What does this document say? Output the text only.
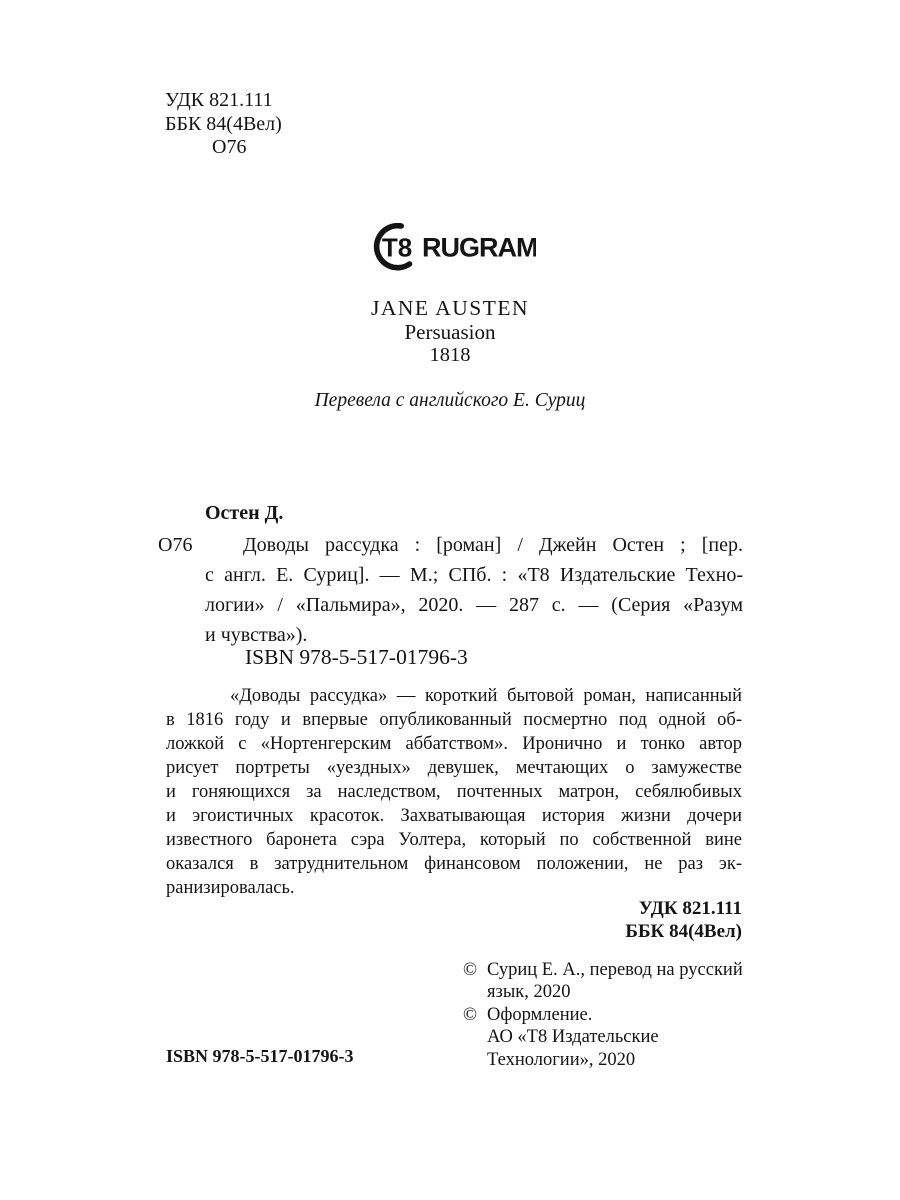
УДК 821.111
ББК 84(4Вел)
О76
T8 RUGRAM
JANE AUSTEN
Persuasion
1818
Перевела с английского Е. Суриц
Остен Д.
О76	Доводы рассудка : [роман] / Джейн Остен ; [пер.
с англ. Е. Суриц]. — М.; СПб. : «Т8 Издательские Техно-
логии» / «Пальмира», 2020. — 287 с. — (Серия «Разум
и чувства»).
ISBN 978-5-517-01796-3
«Доводы рассудка» — короткий бытовой роман, написанный
в 1816 году и впервые опубликованный посмертно под одной об-
ложкой с «Нортенгерским аббатством». Иронично и тонко автор
рисует портреты «уездных» девушек, мечтающих о замужестве
и гоняющихся за наследством, почтенных матрон, себялюбивых
и эгоистичных красоток. Захватывающая история жизни дочери
известного баронета сэра Уолтера, который по собственной вине
оказался в затруднительном финансовом положении, не раз эк-
ранизировалась.
УДК 821.111
ББК 84(4Вел)
© Суриц Е. А., перевод на русский
язык, 2020
© Оформление.
АО «Т8 Издательские
Технологии», 2020
ISBN 978-5-517-01796-3
